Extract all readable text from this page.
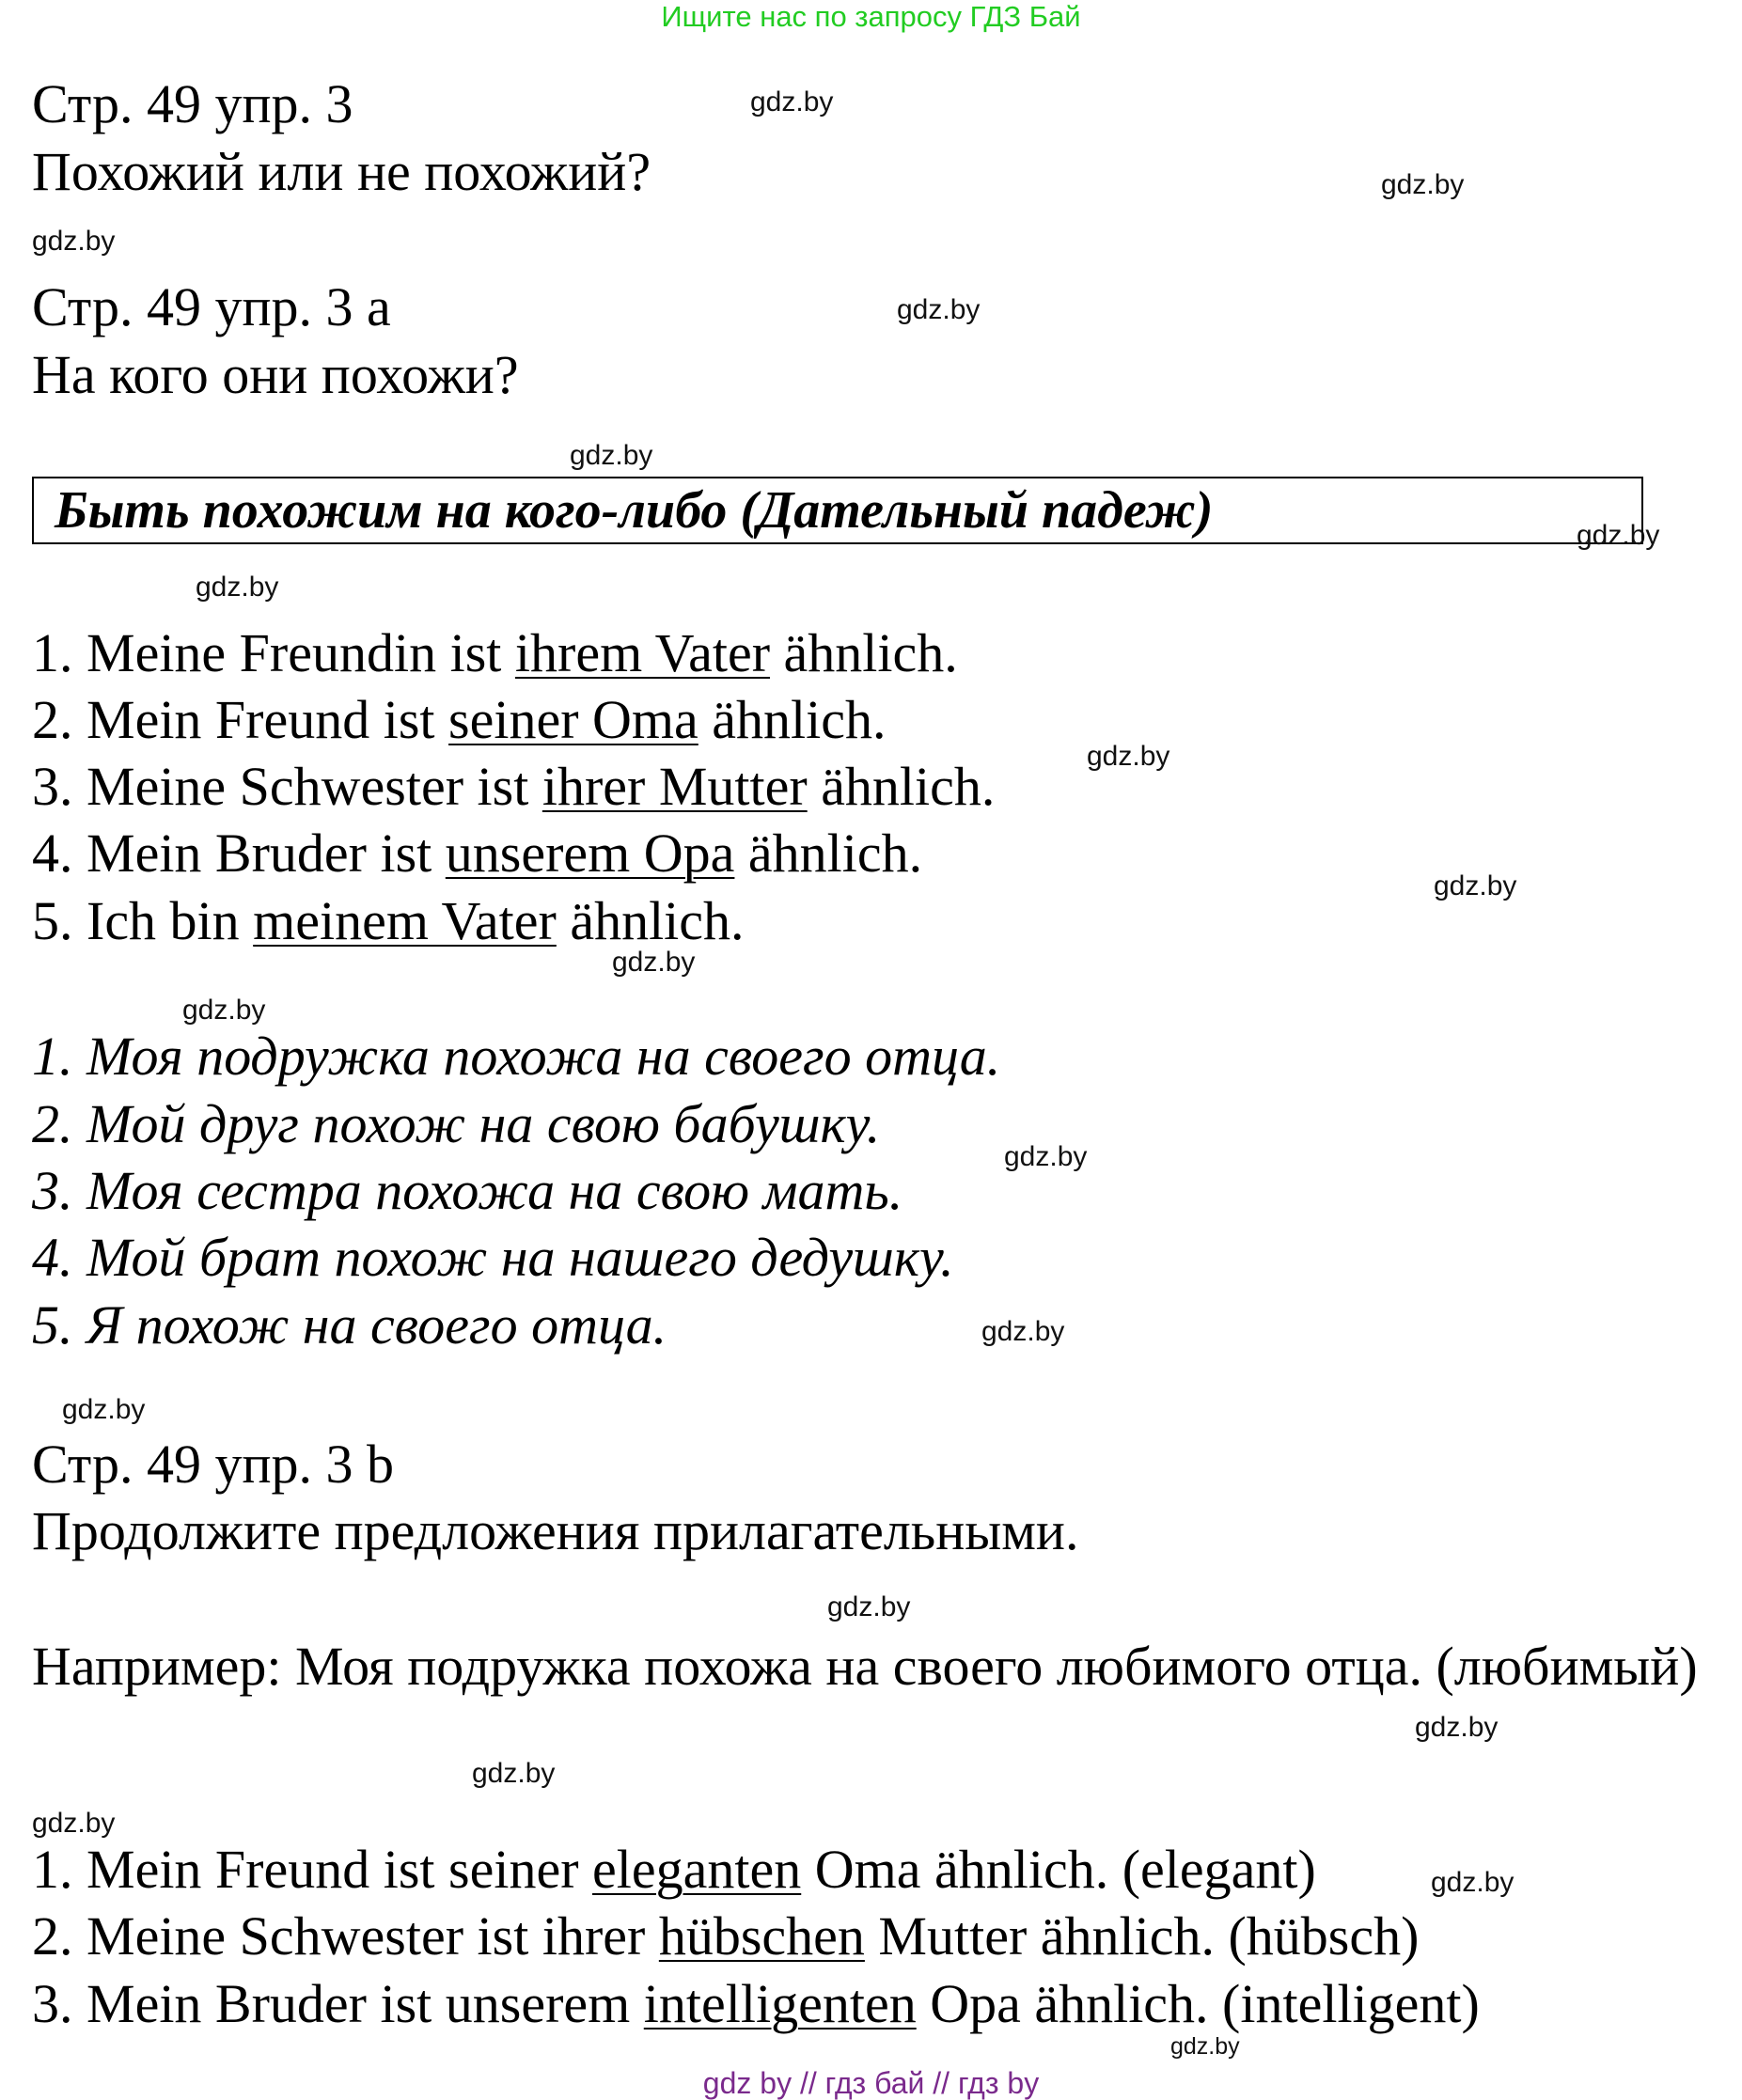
Ищите нас по запросу ГДЗ Бай
Стр. 49 упр. 3
Похожий или не похожий?
Стр. 49 упр. 3 а
На кого они похожи?
Быть похожим на кого-либо (Дательный падеж)
1. Meine Freundin ist ihrem Vater ähnlich.
2. Mein Freund ist seiner Oma ähnlich.
3. Meine Schwester ist ihrer Mutter ähnlich.
4. Mein Bruder ist unserem Opa ähnlich.
5. Ich bin meinem Vater ähnlich.
1. Моя подружка похожа на своего отца.
2. Мой друг похож на свою бабушку.
3. Моя сестра похожа на свою мать.
4. Мой брат похож на нашего дедушку.
5. Я похож на своего отца.
Стр. 49 упр. 3 b
Продолжите предложения прилагательными.
Например: Моя подружка похожа на своего любимого отца. (любимый)
1. Mein Freund ist seiner eleganten Oma ähnlich. (elegant)
2. Meine Schwester ist ihrer hübschen Mutter ähnlich. (hübsch)
3. Mein Bruder ist unserem intelligenten Opa ähnlich. (intelligent)
gdz.by
gdz.by
gdz.by
gdz.by
gdz.by
gdz.by
gdz.by
gdz.by
gdz.by
gdz.by
gdz.by
gdz.by
gdz.by
gdz.by
gdz.by
gdz.by
gdz.by
gdz.by
gdz.by
gdz.by
gdz by // гдз бай // гдз by
